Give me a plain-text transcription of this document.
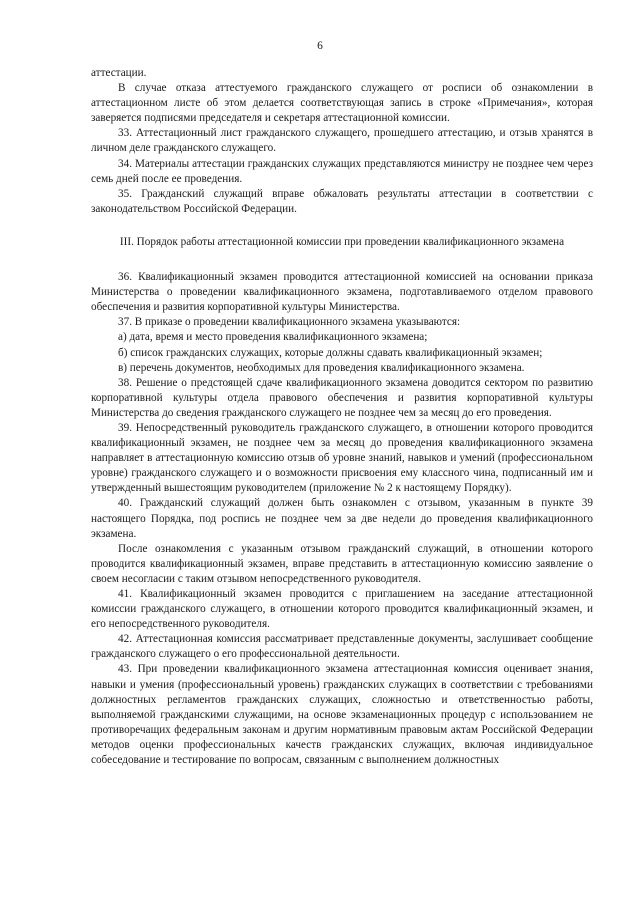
6

аттестации.

В случае отказа аттестуемого гражданского служащего от росписи об ознакомлении в аттестационном листе об этом делается соответствующая запись в строке «Примечания», которая заверяется подписями председателя и секретаря аттестационной комиссии.

33. Аттестационный лист гражданского служащего, прошедшего аттестацию, и отзыв хранятся в личном деле гражданского служащего.

34. Материалы аттестации гражданских служащих представляются министру не позднее чем через семь дней после ее проведения.

35. Гражданский служащий вправе обжаловать результаты аттестации в соответствии с законодательством Российской Федерации.

III. Порядок работы аттестационной комиссии при проведении квалификационного экзамена

36. Квалификационный экзамен проводится аттестационной комиссией на основании приказа Министерства о проведении квалификационного экзамена, подготавливаемого отделом правового обеспечения и развития корпоративной культуры Министерства.

37. В приказе о проведении квалификационного экзамена указываются:

а) дата, время и место проведения квалификационного экзамена;

б) список гражданских служащих, которые должны сдавать квалификационный экзамен;

в) перечень документов, необходимых для проведения квалификационного экзамена.

38. Решение о предстоящей сдаче квалификационного экзамена доводится сектором по развитию корпоративной культуры отдела правового обеспечения и развития корпоративной культуры Министерства до сведения гражданского служащего не позднее чем за месяц до его проведения.

39. Непосредственный руководитель гражданского служащего, в отношении которого проводится квалификационный экзамен, не позднее чем за месяц до проведения квалификационного экзамена направляет в аттестационную комиссию отзыв об уровне знаний, навыков и умений (профессиональном уровне) гражданского служащего и о возможности присвоения ему классного чина, подписанный им и утвержденный вышестоящим руководителем (приложение № 2 к настоящему Порядку).

40. Гражданский служащий должен быть ознакомлен с отзывом, указанным в пункте 39 настоящего Порядка, под роспись не позднее чем за две недели до проведения квалификационного экзамена.

После ознакомления с указанным отзывом гражданский служащий, в отношении которого проводится квалификационный экзамен, вправе представить в аттестационную комиссию заявление о своем несогласии с таким отзывом непосредственного руководителя.

41. Квалификационный экзамен проводится с приглашением на заседание аттестационной комиссии гражданского служащего, в отношении которого проводится квалификационный экзамен, и его непосредственного руководителя.

42. Аттестационная комиссия рассматривает представленные документы, заслушивает сообщение гражданского служащего о его профессиональной деятельности.

43. При проведении квалификационного экзамена аттестационная комиссия оценивает знания, навыки и умения (профессиональный уровень) гражданских служащих в соответствии с требованиями должностных регламентов гражданских служащих, сложностью и ответственностью работы, выполняемой гражданскими служащими, на основе экзаменационных процедур с использованием не противоречащих федеральным законам и другим нормативным правовым актам Российской Федерации методов оценки профессиональных качеств гражданских служащих, включая индивидуальное собеседование и тестирование по вопросам, связанным с выполнением должностных
